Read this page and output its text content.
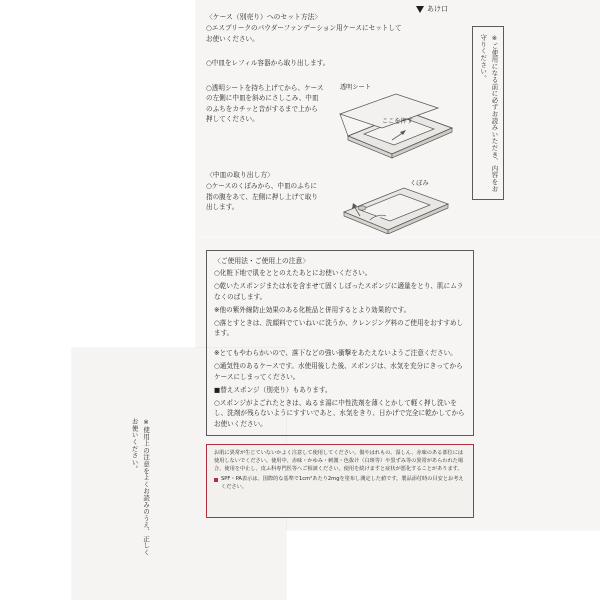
あけ口
〈ケース（別売り）へのセット方法〉
○エスプリークのパウダーファンデーション用ケースにセットしてお使いください。
○中皿をレフィル容器から取り出します。
○透明シートを持ち上げてから、ケースの左側に中皿を斜めにさしこみ、中皿のふちをカチッと音がするまで上から押してください。
透明シート
ここを押す
〈中皿の取り出し方〉
○ケースのくぼみから、中皿のふちに指の腹をあて、左側に押し上げて取り出します。
くぼみ	※ご使用になる前に必ずお読みいただき、内容をお守りください。
〈ご使用法・ご使用上の注意〉
○化粧下地で肌をととのえたあとにお使いください。
○乾いたスポンジまたは水を含ませて固くしぼったスポンジに適量をとり、肌にムラなくのばします。
※他の紫外線防止効果のある化粧品と併用するとより効果的です。
○落とすときは、洗顔料でていねいに洗うか、クレンジング料のご使用をおすすめします。
※とてもやわらかいので、落下などの強い衝撃をあたえないようご注意ください。
○通気性のあるケースです。水使用後した後、スポンジは、水気を充分にきってからケースにしまってください。
■替えスポンジ（別売り）もあります。
○スポンジがよごれたときは、ぬるま湯に中性洗剤を薄くとかして軽く押し洗いをし、洗剤が残らないようにすすいであと、水気をきり、日かげで完全に乾かしてからお使いください。
お肌に異常が生じていないかよく注意して使用してください。傷やはれもの、湿しん、赤味のある部位には使用しないでください。使用中、赤味・かゆみ・刺激・色抜け（白斑等）や黒ずみ等の異常があらわれた場合、使用を中止し、皮ふ科専門医等へご相談ください。使用を続けますと症状が悪化することがあります。
SPF・PA表示は、国際的な基準で1cm²あたり2mgを塗布し測定した値です。製品添付時の目安とお考えください。
※使用上の注意をよくお読みのうえ、正しくお使いください。
